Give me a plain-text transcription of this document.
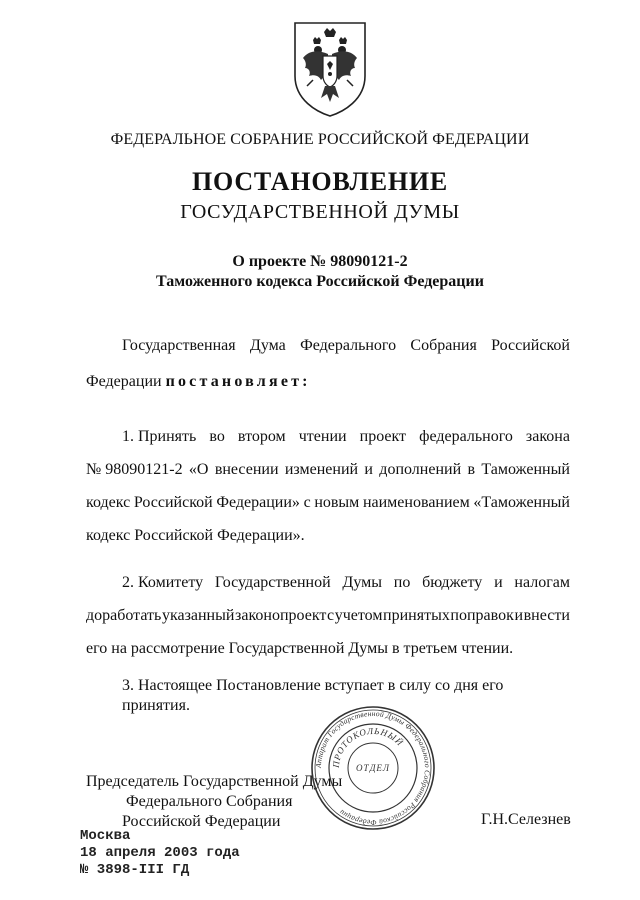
ФЕДЕРАЛЬНОЕ СОБРАНИЕ РОССИЙСКОЙ ФЕДЕРАЦИИ
ПОСТАНОВЛЕНИЕ
ГОСУДАРСТВЕННОЙ ДУМЫ
О проекте № 98090121-2
Таможенного кодекса Российской Федерации
Государственная Дума Федерального Собрания Российской
Федерации постановляет:
1. Принять во втором чтении проект федерального закона
№ 98090121-2 «О внесении изменений и дополнений в Таможенный
кодекс Российской Федерации» с новым наименованием «Таможенный
кодекс Российской Федерации».
2. Комитету Государственной Думы по бюджету и налогам
доработать указанный законопроект с учетом принятых поправок и внести
его на рассмотрение Государственной Думы в третьем чтении.
3. Настоящее Постановление вступает в силу со дня его принятия.
Председатель Государственной Думы
Федерального Собрания
Российской Федерации	Г.Н.Селезнев
Аппарат Государственной Думы Федерального Собрания Российской Федерации
ПРОТОКОЛЬНЫЙ
ОТДЕЛ
Москва
18 апреля 2003 года
№ 3898-III ГД
